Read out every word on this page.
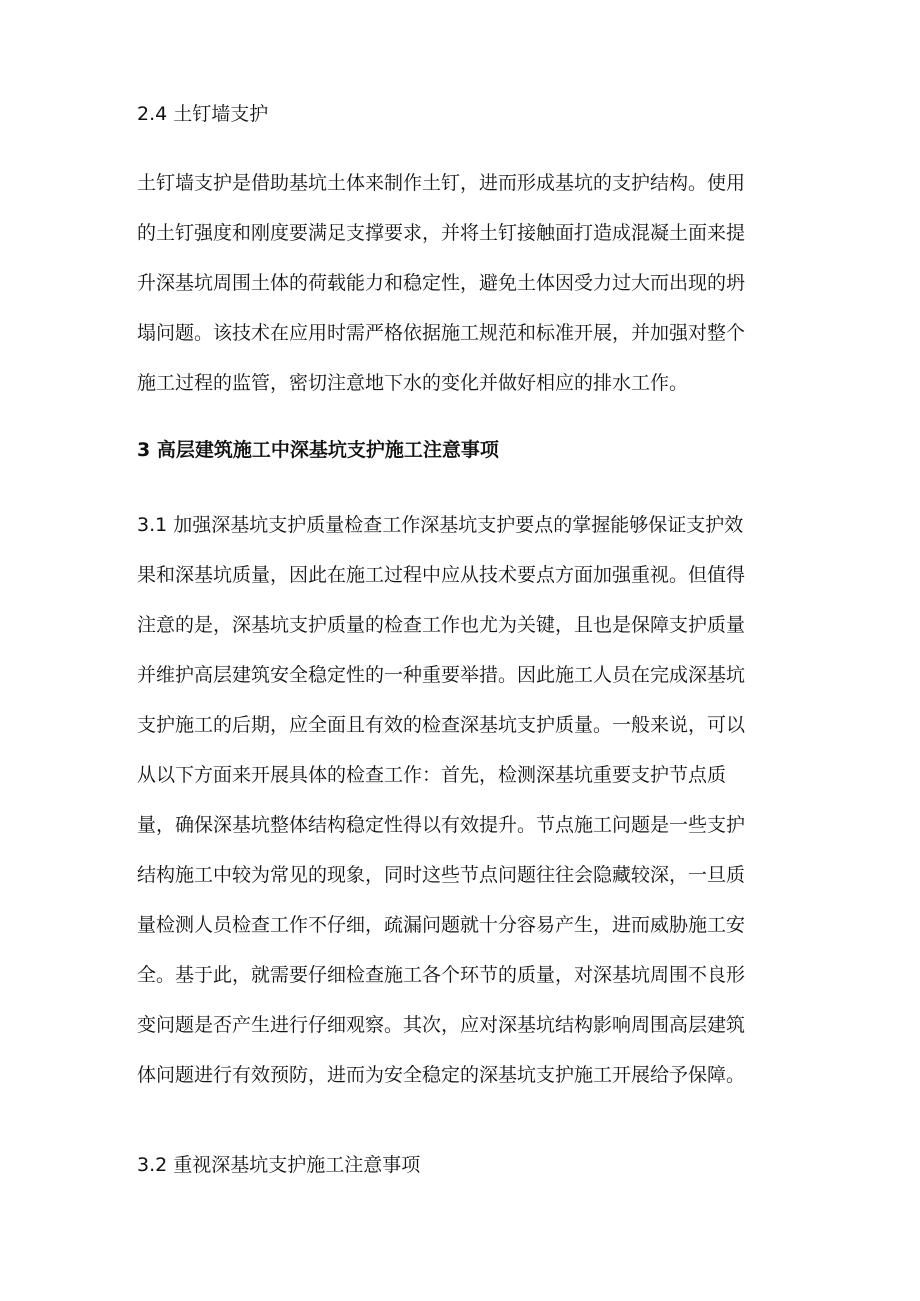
2.4 土钉墙支护
土钉墙支护是借助基坑土体来制作土钉，进而形成基坑的支护结构。使用
的土钉强度和刚度要满足支撑要求，并将土钉接触面打造成混凝土面来提
升深基坑周围土体的荷载能力和稳定性，避免土体因受力过大而出现的坍
塌问题。该技术在应用时需严格依据施工规范和标准开展，并加强对整个
施工过程的监管，密切注意地下水的变化并做好相应的排水工作。
3 高层建筑施工中深基坑支护施工注意事项
3.1 加强深基坑支护质量检查工作深基坑支护要点的掌握能够保证支护效
果和深基坑质量，因此在施工过程中应从技术要点方面加强重视。但值得
注意的是，深基坑支护质量的检查工作也尤为关键，且也是保障支护质量
并维护高层建筑安全稳定性的一种重要举措。因此施工人员在完成深基坑
支护施工的后期，应全面且有效的检查深基坑支护质量。一般来说，可以
从以下方面来开展具体的检查工作：首先，检测深基坑重要支护节点质
量，确保深基坑整体结构稳定性得以有效提升。节点施工问题是一些支护
结构施工中较为常见的现象，同时这些节点问题往往会隐藏较深，一旦质
量检测人员检查工作不仔细，疏漏问题就十分容易产生，进而威胁施工安
全。基于此，就需要仔细检查施工各个环节的质量，对深基坑周围不良形
变问题是否产生进行仔细观察。其次，应对深基坑结构影响周围高层建筑
体问题进行有效预防，进而为安全稳定的深基坑支护施工开展给予保障。
3.2 重视深基坑支护施工注意事项
